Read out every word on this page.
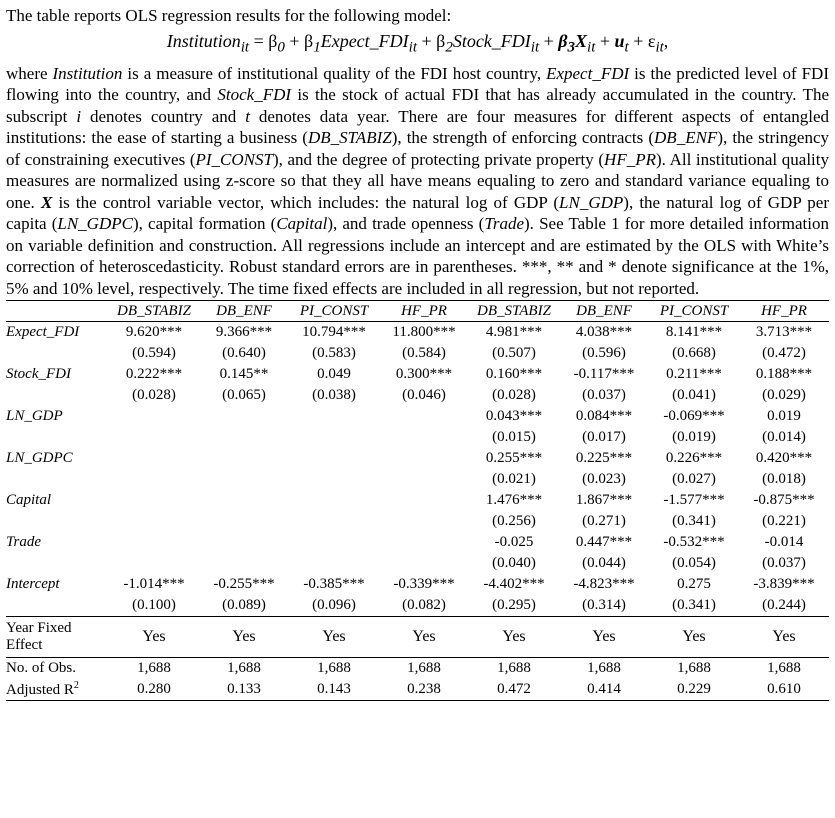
The table reports OLS regression results for the following model:

Institution$_{it}$ = $\beta_0$ + $\beta_1Expect\_FDI_{it}$ + $\beta_2Stock\_FDI_{it} + \beta_3X_{it} + u_t + \varepsilon_{it}$,

where Institution is a measure of institutional quality of the FDI host country, Expect_FDI is the predicted level of FDI flowing into the country, and Stock_FDI is the stock of actual FDI that has already accumulated in the country. The subscript i denotes country and t denotes data year. There are four measures for different aspects of entangled institutions: the ease of starting a business (DB_STABIZ), the strength of enforcing contracts (DB_ENF), the stringency of constraining executives (PI_CONST), and the degree of protecting private property (HF_PR). All institutional quality measures are normalized using z-score so that they all have means equaling to zero and standard variance equaling to one. X is the control variable vector, which includes: the natural log of GDP (LN_GDP), the natural log of GDP per capita (LN_GDPC), capital formation (Capital), and trade openness (Trade). See Table 1 for more detailed information on variable definition and construction. All regressions include an intercept and are estimated by the OLS with White’s correction of heteroscedasticity. Robust standard errors are in parentheses. ***, ** and * denote significance at the 1%, 5% and 10% level, respectively. The time fixed effects are included in all regression, but not reported.

	DB_STABIZ	DB_ENF	PI_CONST	HF_PR	DB_STABIZ	DB_ENF	PI_CONST	HF_PR
Expect_FDI	9.620***	9.366***	10.794***	11.800***	4.981***	4.038***	8.141***	3.713***
	(0.594)	(0.640)	(0.583)	(0.584)	(0.507)	(0.596)	(0.668)	(0.472)
Stock_FDI	0.222***	0.145**	0.049	0.300***	0.160***	-0.117***	0.211***	0.188***
	(0.028)	(0.065)	(0.038)	(0.046)	(0.028)	(0.037)	(0.041)	(0.029)
LN_GDP					0.043***	0.084***	-0.069***	0.019
					(0.015)	(0.017)	(0.019)	(0.014)
LN_GDPC					0.255***	0.225***	0.226***	0.420***
					(0.021)	(0.023)	(0.027)	(0.018)
Capital					1.476***	1.867***	-1.577***	-0.875***
					(0.256)	(0.271)	(0.341)	(0.221)
Trade					-0.025	0.447***	-0.532***	-0.014
					(0.040)	(0.044)	(0.054)	(0.037)
Intercept	-1.014***	-0.255***	-0.385***	-0.339***	-4.402***	-4.823***	0.275	-3.839***
	(0.100)	(0.089)	(0.096)	(0.082)	(0.295)	(0.314)	(0.341)	(0.244)
Year Fixed
Effect	Yes	Yes	Yes	Yes	Yes	Yes	Yes	Yes
No. of Obs.	1,688	1,688	1,688	1,688	1,688	1,688	1,688	1,688
Adjusted $R^2$	0.280	0.133	0.143	0.238	0.472	0.414	0.229	0.610
